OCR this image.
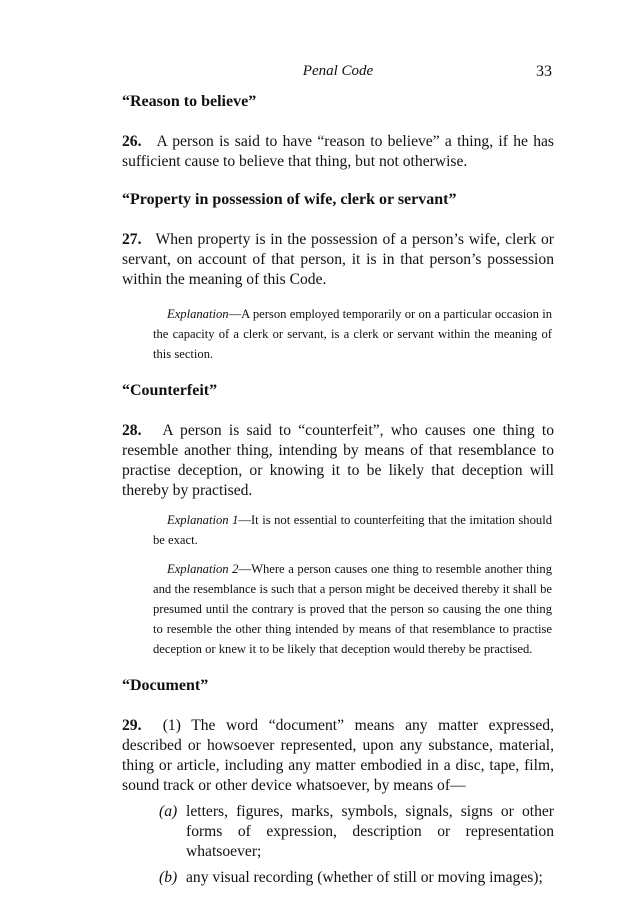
Penal Code	33

“Reason to believe”

26. A person is said to have “reason to believe” a thing, if he has sufficient cause to believe that thing, but not otherwise.

“Property in possession of wife, clerk or servant”

27. When property is in the possession of a person’s wife, clerk or servant, on account of that person, it is in that person’s possession within the meaning of this Code.

Explanation—A person employed temporarily or on a particular occasion in the capacity of a clerk or servant, is a clerk or servant within the meaning of this section.

“Counterfeit”

28. A person is said to “counterfeit”, who causes one thing to resemble another thing, intending by means of that resemblance to practise deception, or knowing it to be likely that deception will thereby by practised.

Explanation 1—It is not essential to counterfeiting that the imitation should be exact.

Explanation 2—Where a person causes one thing to resemble another thing and the resemblance is such that a person might be deceived thereby it shall be presumed until the contrary is proved that the person so causing the one thing to resemble the other thing intended by means of that resemblance to practise deception or knew it to be likely that deception would thereby be practised.

“Document”

29. (1) The word “document” means any matter expressed, described or howsoever represented, upon any substance, material, thing or article, including any matter embodied in a disc, tape, film, sound track or other device whatsoever, by means of—

(a) letters, figures, marks, symbols, signals, signs or other forms of expression, description or representation whatsoever;
(b) any visual recording (whether of still or moving images);
